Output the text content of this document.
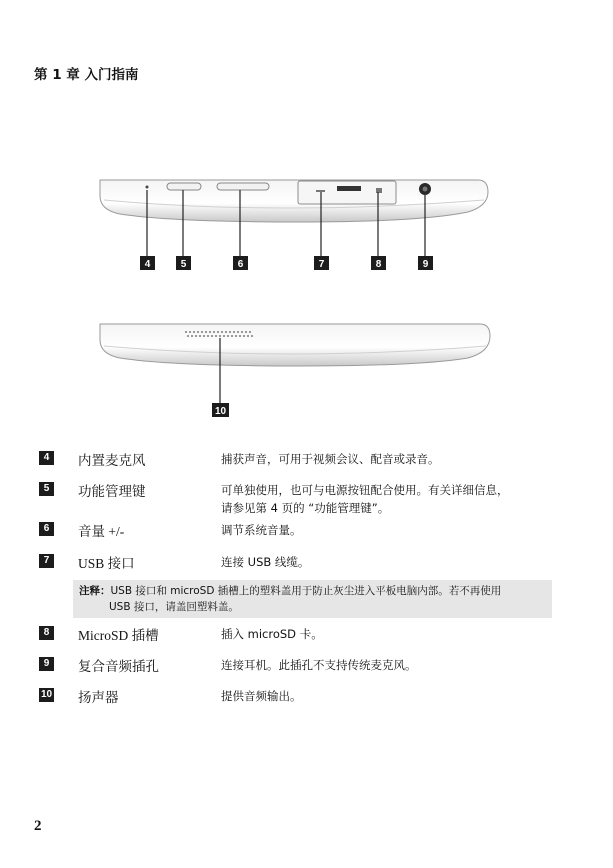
第 1 章 入门指南
4	5	6	7	8	9
10
4	内置麦克风	捕获声音，可用于视频会议、配音或录音。
5	功能管理键	可单独使用，也可与电源按钮配合使用。有关详细信息，
请参见第 4 页的 “功能管理键”。
6	音量 +/-	调节系统音量。
7	USB 接口	连接 USB 线缆。
注释：USB 接口和 microSD 插槽上的塑料盖用于防止灰尘进入平板电脑内部。若不再使用
USB 接口，请盖回塑料盖。
8	MicroSD 插槽	插入 microSD 卡。
9	复合音频插孔	连接耳机。此插孔不支持传统麦克风。
10 扬声器	提供音频输出。
2
